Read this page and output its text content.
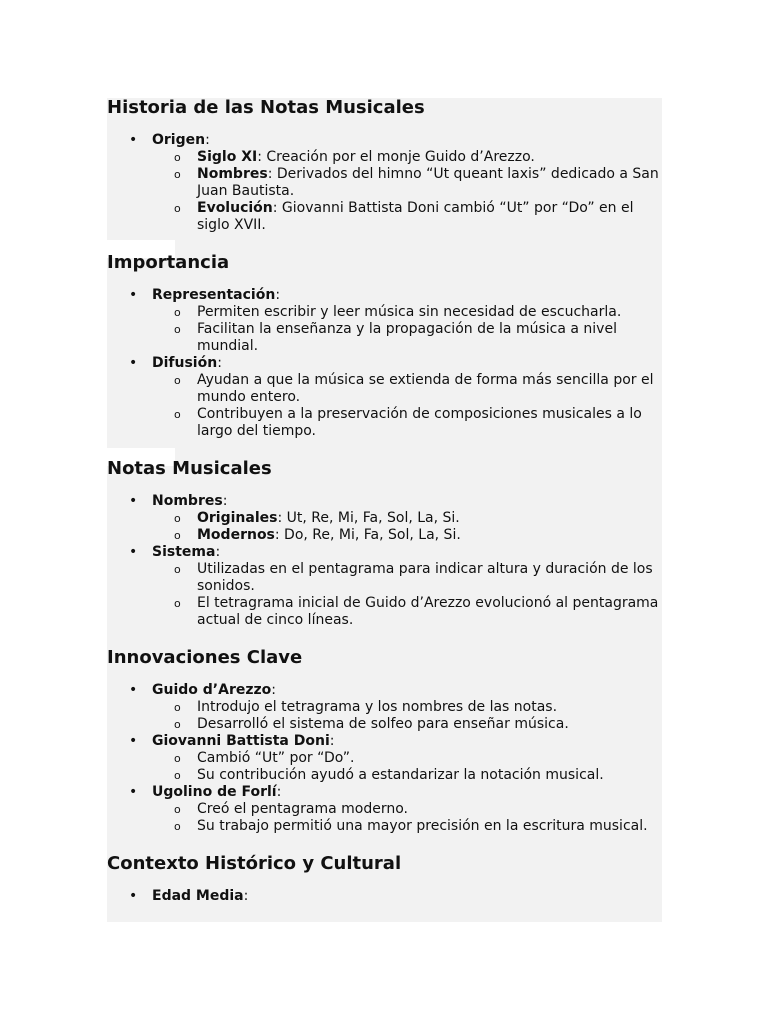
Historia de las Notas Musicales
• Origen:
o Siglo XI: Creación por el monje Guido d’Arezzo.
o Nombres: Derivados del himno “Ut queant laxis” dedicado a San Juan Bautista.
o Evolución: Giovanni Battista Doni cambió “Ut” por “Do” en el siglo XVII.
Importancia
• Representación:
o Permiten escribir y leer música sin necesidad de escucharla.
o Facilitan la enseñanza y la propagación de la música a nivel mundial.
• Difusión:
o Ayudan a que la música se extienda de forma más sencilla por el mundo entero.
o Contribuyen a la preservación de composiciones musicales a lo largo del tiempo.
Notas Musicales
• Nombres:
o Originales: Ut, Re, Mi, Fa, Sol, La, Si.
o Modernos: Do, Re, Mi, Fa, Sol, La, Si.
• Sistema:
o Utilizadas en el pentagrama para indicar altura y duración de los sonidos.
o El tetragrama inicial de Guido d’Arezzo evolucionó al pentagrama actual de cinco líneas.
Innovaciones Clave
• Guido d’Arezzo:
o Introdujo el tetragrama y los nombres de las notas.
o Desarrolló el sistema de solfeo para enseñar música.
• Giovanni Battista Doni:
o Cambió “Ut” por “Do”.
o Su contribución ayudó a estandarizar la notación musical.
• Ugolino de Forlí:
o Creó el pentagrama moderno.
o Su trabajo permitió una mayor precisión en la escritura musical.
Contexto Histórico y Cultural
• Edad Media:
